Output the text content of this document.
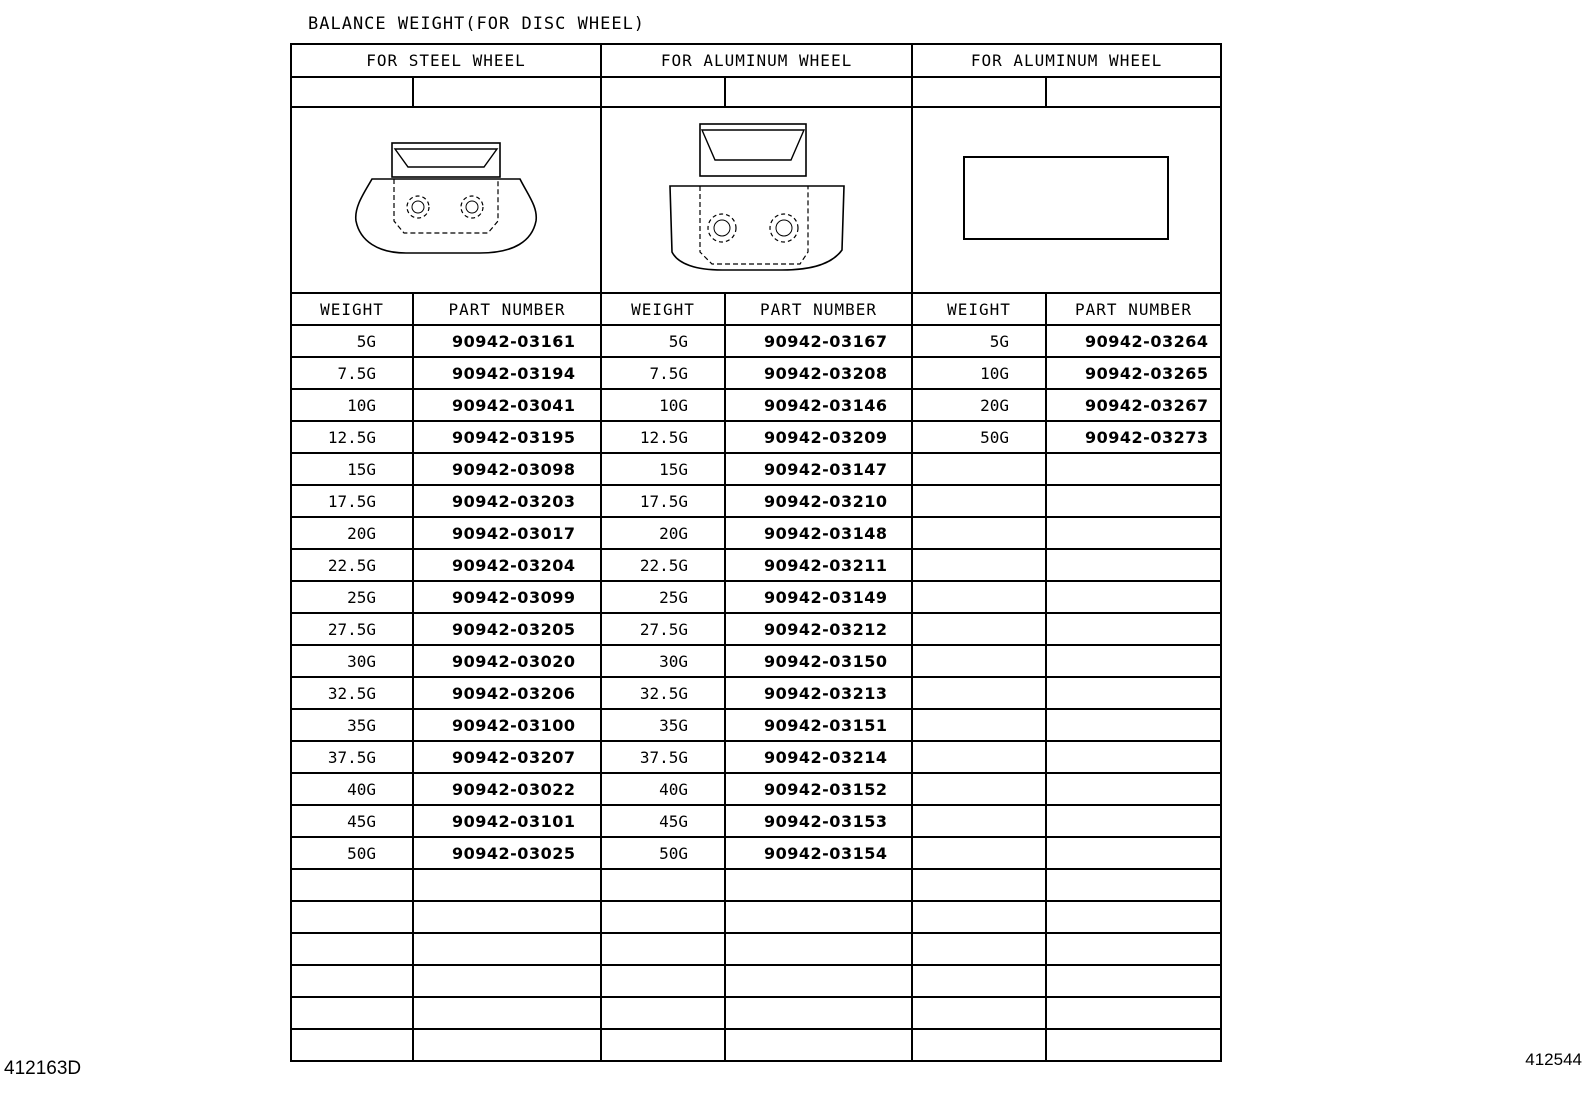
BALANCE WEIGHT(FOR DISC WHEEL)
FOR STEEL WHEEL		FOR ALUMINUM WHEEL		FOR ALUMINUM WHEEL	

WEIGHT	PART NUMBER	WEIGHT	PART NUMBER	WEIGHT	PART NUMBER
5G	90942-03161	5G	90942-03167	5G	90942-03264
7.5G	90942-03194	7.5G	90942-03208	10G	90942-03265
10G	90942-03041	10G	90942-03146	20G	90942-03267
12.5G	90942-03195	12.5G	90942-03209	50G	90942-03273
15G	90942-03098	15G	90942-03147		
17.5G	90942-03203	17.5G	90942-03210		
20G	90942-03017	20G	90942-03148		
22.5G	90942-03204	22.5G	90942-03211		
25G	90942-03099	25G	90942-03149		
27.5G	90942-03205	27.5G	90942-03212		
30G	90942-03020	30G	90942-03150		
32.5G	90942-03206	32.5G	90942-03213		
35G	90942-03100	35G	90942-03151		
37.5G	90942-03207	37.5G	90942-03214		
40G	90942-03022	40G	90942-03152		
45G	90942-03101	45G	90942-03153		
50G	90942-03025	50G	90942-03154		

412163D	412544
